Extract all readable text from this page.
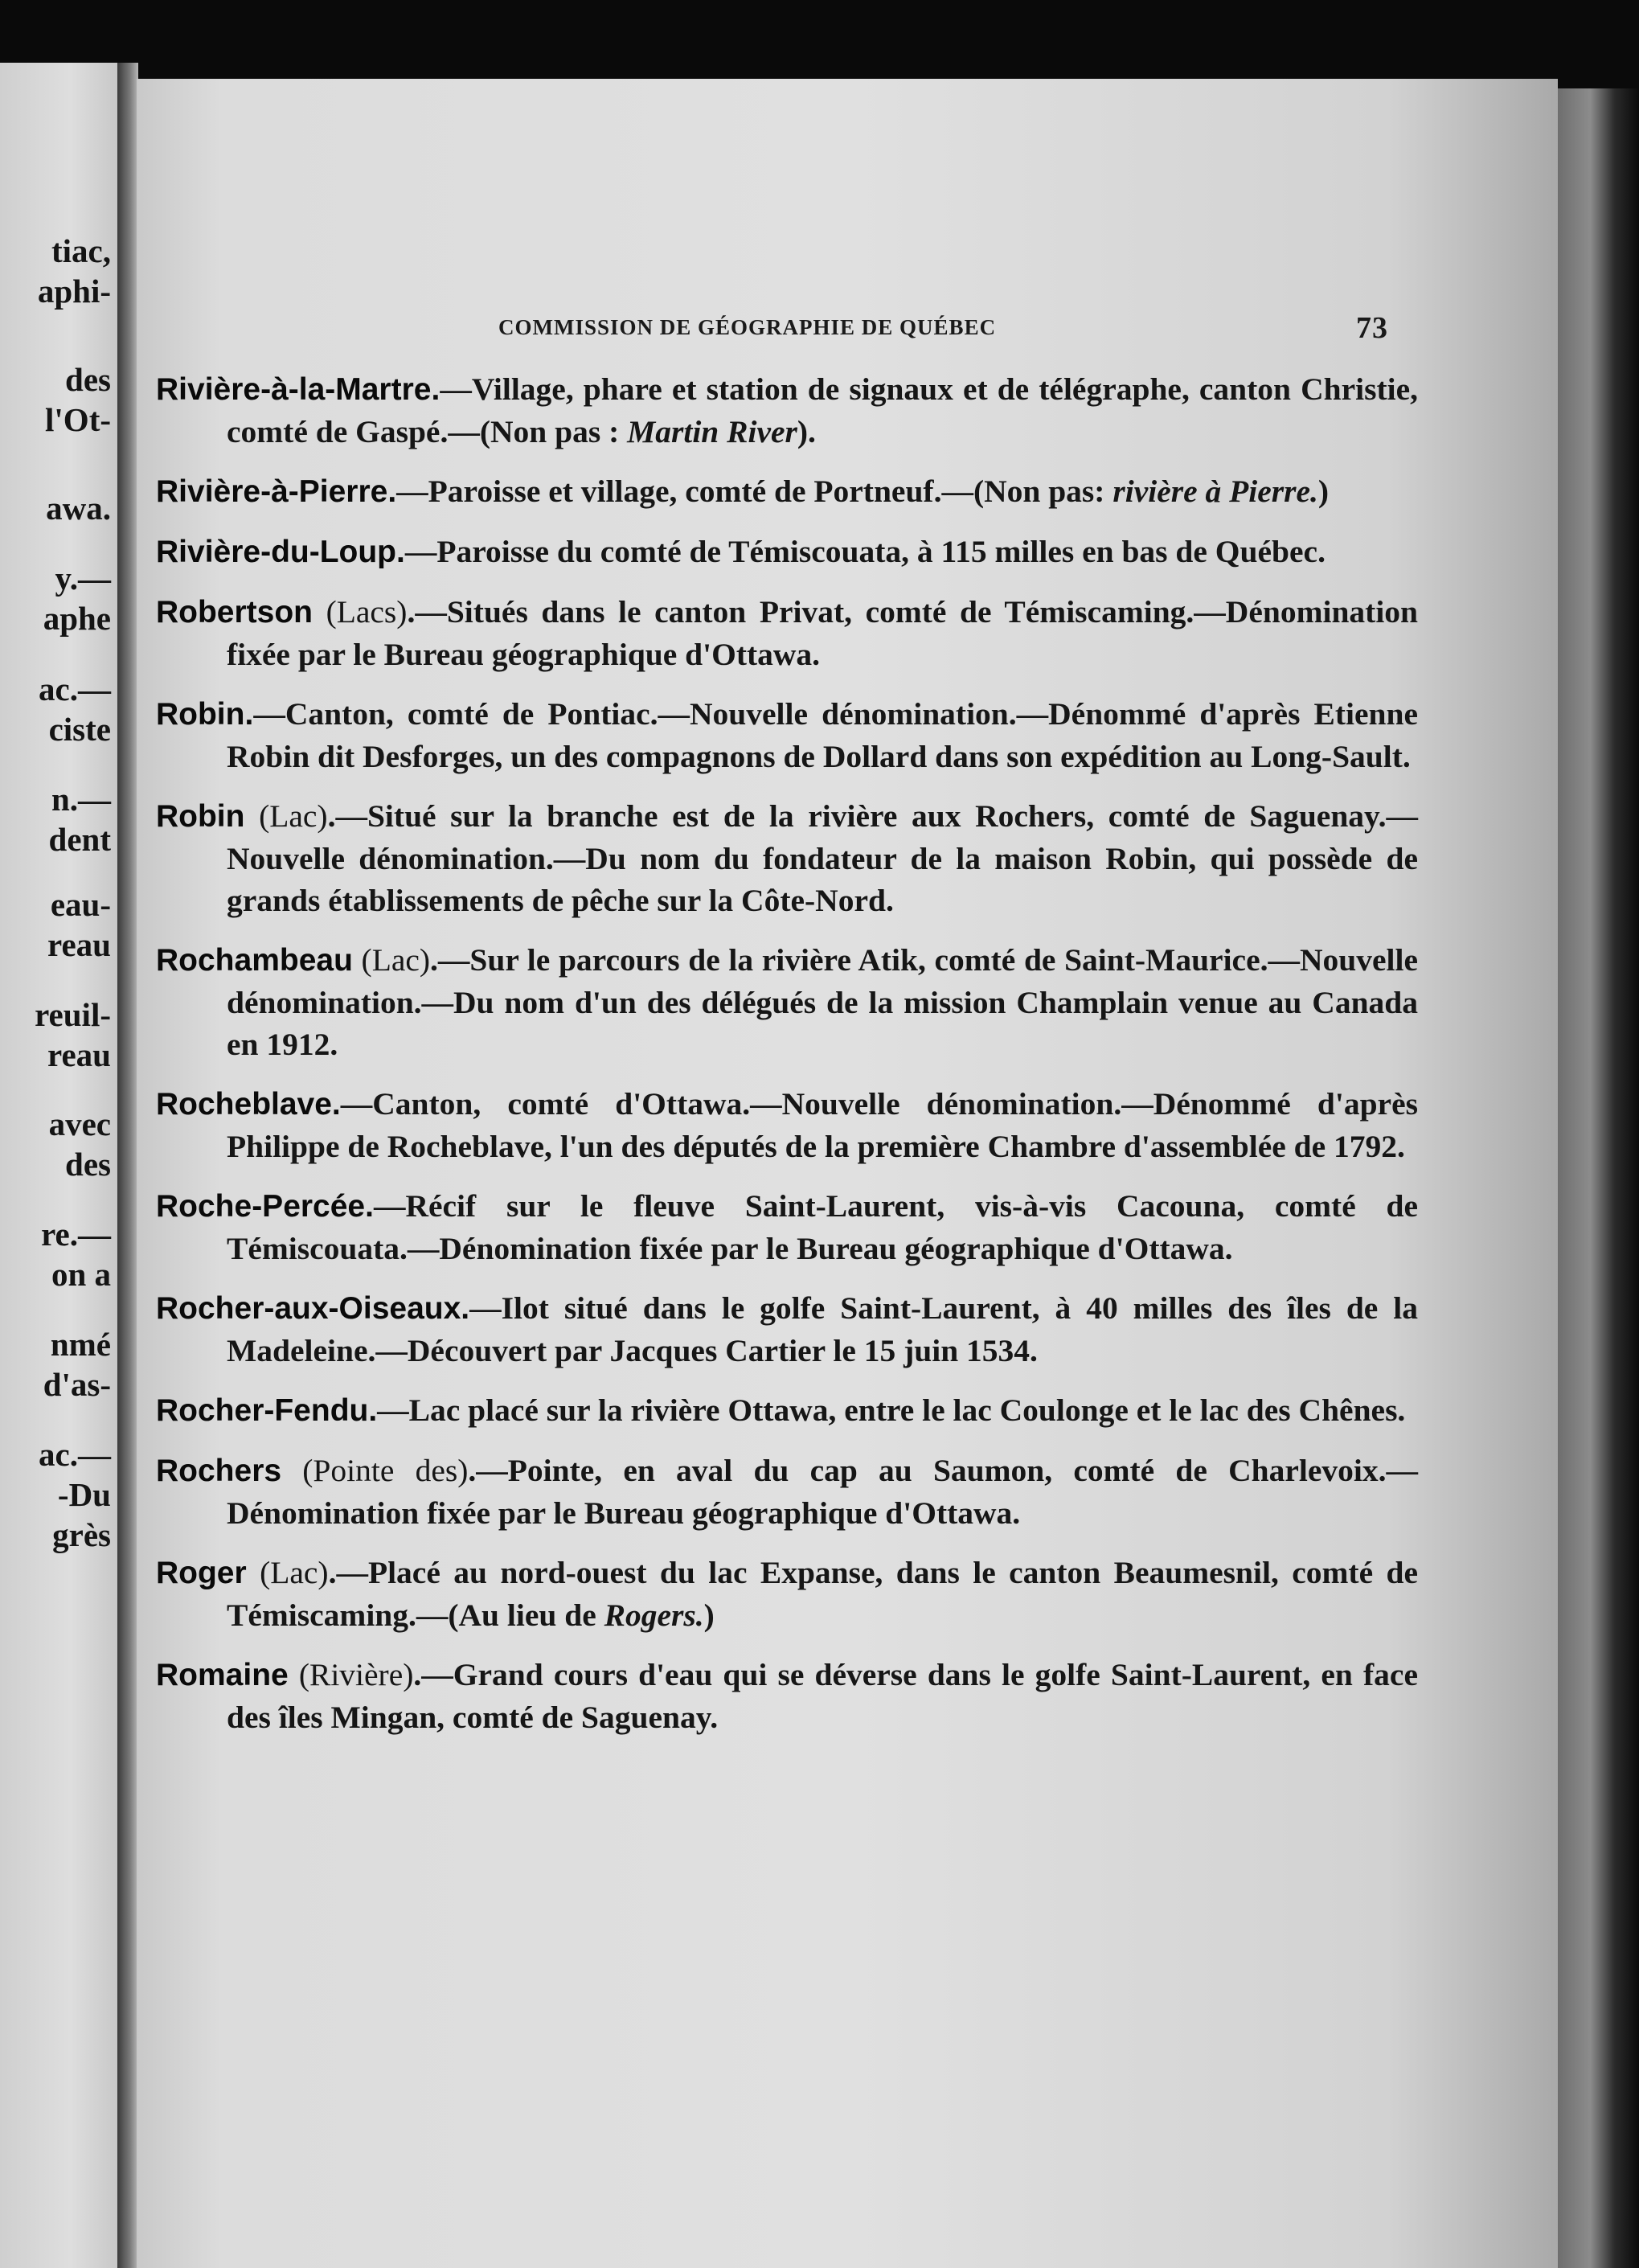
tiac,
aphi-
des
l'Ot-
awa.
y.—
aphe
ac.—
ciste
n.—
dent
eau-
reau
reuil-
reau
avec
des
re.—
on a
nmé
d'as-
ac.—
-Du
grès
COMMISSION DE GÉOGRAPHIE DE QUÉBEC	73

Rivière-à-la-Martre.—Village, phare et station de signaux et de télégraphe, canton Christie, comté de Gaspé.—(Non pas : Martin River).

Rivière-à-Pierre.—Paroisse et village, comté de Portneuf.—(Non pas: rivière à Pierre.)

Rivière-du-Loup.—Paroisse du comté de Témiscouata, à 115 milles en bas de Québec.

Robertson (Lacs).—Situés dans le canton Privat, comté de Témiscaming.—Dénomination fixée par le Bureau géographique d'Ottawa.

Robin.—Canton, comté de Pontiac.—Nouvelle dénomination.—Dénommé d'après Etienne Robin dit Desforges, un des compagnons de Dollard dans son expédition au Long-Sault.

Robin (Lac).—Situé sur la branche est de la rivière aux Rochers, comté de Saguenay.—Nouvelle dénomination.—Du nom du fondateur de la maison Robin, qui possède de grands établissements de pêche sur la Côte-Nord.

Rochambeau (Lac).—Sur le parcours de la rivière Atik, comté de Saint-Maurice.—Nouvelle dénomination.—Du nom d'un des délégués de la mission Champlain venue au Canada en 1912.

Rocheblave.—Canton, comté d'Ottawa.—Nouvelle dénomination.—Dénommé d'après Philippe de Rocheblave, l'un des députés de la première Chambre d'assemblée de 1792.

Roche-Percée.—Récif sur le fleuve Saint-Laurent, vis-à-vis Cacouna, comté de Témiscouata.—Dénomination fixée par le Bureau géographique d'Ottawa.

Rocher-aux-Oiseaux.—Ilot situé dans le golfe Saint-Laurent, à 40 milles des îles de la Madeleine.—Découvert par Jacques Cartier le 15 juin 1534.

Rocher-Fendu.—Lac placé sur la rivière Ottawa, entre le lac Coulonge et le lac des Chênes.

Rochers (Pointe des).—Pointe, en aval du cap au Saumon, comté de Charlevoix.—Dénomination fixée par le Bureau géographique d'Ottawa.

Roger (Lac).—Placé au nord-ouest du lac Expanse, dans le canton Beaumesnil, comté de Témiscaming.—(Au lieu de Rogers.)

Romaine (Rivière).—Grand cours d'eau qui se déverse dans le golfe Saint-Laurent, en face des îles Mingan, comté de Saguenay.
